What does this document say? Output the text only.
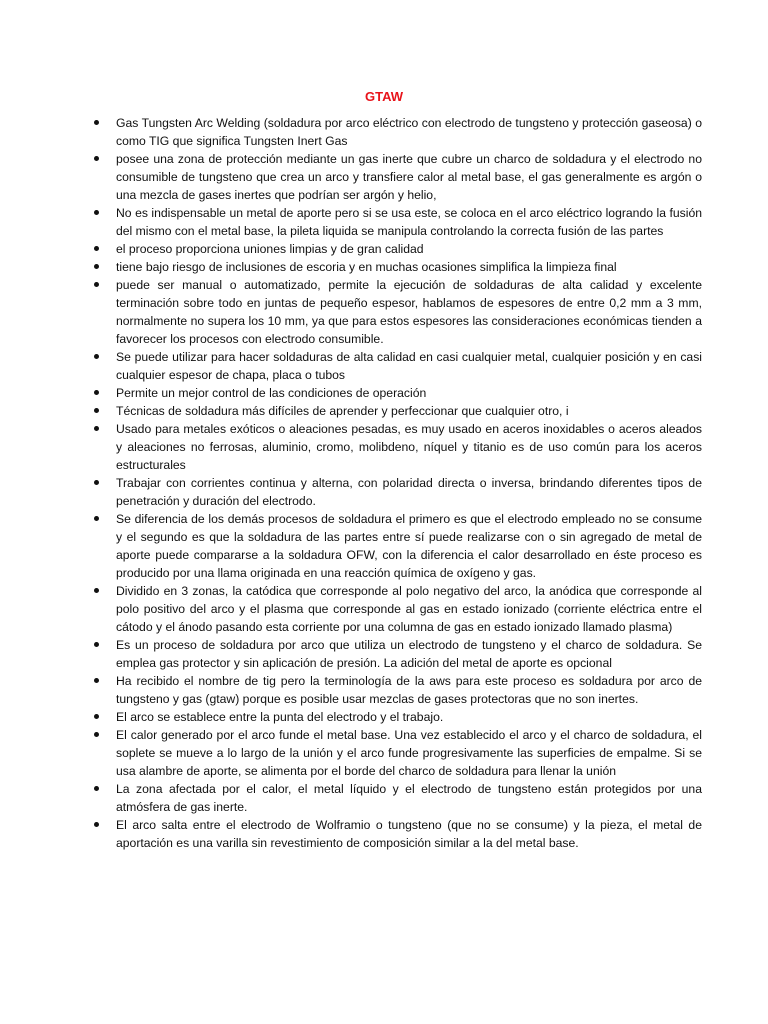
GTAW
Gas Tungsten Arc Welding (soldadura por arco eléctrico con electrodo de tungsteno y protección gaseosa) o como TIG que significa Tungsten Inert Gas
posee una zona de protección mediante un gas inerte que cubre un charco de soldadura y el electrodo no consumible de tungsteno que crea un arco y transfiere calor al metal base, el gas generalmente es argón o una mezcla de gases inertes que podrían ser argón y helio,
No es indispensable un metal de aporte pero si se usa este, se coloca en el arco eléctrico logrando la fusión del mismo con el metal base, la pileta liquida se manipula controlando la correcta fusión de las partes
el proceso proporciona uniones limpias y de gran calidad
tiene bajo riesgo de inclusiones de escoria y en muchas ocasiones simplifica la limpieza final
puede ser manual o automatizado, permite la ejecución de soldaduras de alta calidad y excelente terminación sobre todo en juntas de pequeño espesor, hablamos de espesores de entre 0,2 mm a 3 mm, normalmente no supera los 10 mm, ya que para estos espesores las consideraciones económicas tienden a favorecer los procesos con electrodo consumible.
Se puede utilizar para hacer soldaduras de alta calidad en casi cualquier metal, cualquier posición y en casi cualquier espesor de chapa, placa o tubos
Permite un mejor control de las condiciones de operación
Técnicas de soldadura más difíciles de aprender y perfeccionar que cualquier otro, i
Usado para metales exóticos o aleaciones pesadas, es muy usado en aceros inoxidables o aceros aleados y aleaciones no ferrosas, aluminio, cromo, molibdeno, níquel y titanio es de uso común para los aceros estructurales
Trabajar con corrientes continua y alterna, con polaridad directa o inversa, brindando diferentes tipos de penetración y duración del electrodo.
Se diferencia de los demás procesos de soldadura el primero es que el electrodo empleado no se consume y el segundo es que la soldadura de las partes entre sí puede realizarse con o sin agregado de metal de aporte puede compararse a la soldadura OFW, con la diferencia el calor desarrollado en éste proceso es producido por una llama originada en una reacción química de oxígeno y gas.
Dividido en 3 zonas, la catódica que corresponde al polo negativo del arco, la anódica que corresponde al polo positivo del arco y el plasma que corresponde al gas en estado ionizado (corriente eléctrica entre el cátodo y el ánodo pasando esta corriente por una columna de gas en estado ionizado llamado plasma)
Es un proceso de soldadura por arco que utiliza un electrodo de tungsteno y el charco de soldadura. Se emplea gas protector y sin aplicación de presión. La adición del metal de aporte es opcional
Ha recibido el nombre de tig pero la terminología de la aws para este proceso es soldadura por arco de tungsteno y gas (gtaw) porque es posible usar mezclas de gases protectoras que no son inertes.
El arco se establece entre la punta del electrodo y el trabajo.
El calor generado por el arco funde el metal base. Una vez establecido el arco y el charco de soldadura, el soplete se mueve a lo largo de la unión y el arco funde progresivamente las superficies de empalme. Si se usa alambre de aporte, se alimenta por el borde del charco de soldadura para llenar la unión
La zona afectada por el calor, el metal líquido y el electrodo de tungsteno están protegidos por una atmósfera de gas inerte.
El arco salta entre el electrodo de Wolframio o tungsteno (que no se consume) y la pieza, el metal de aportación es una varilla sin revestimiento de composición similar a la del metal base.
